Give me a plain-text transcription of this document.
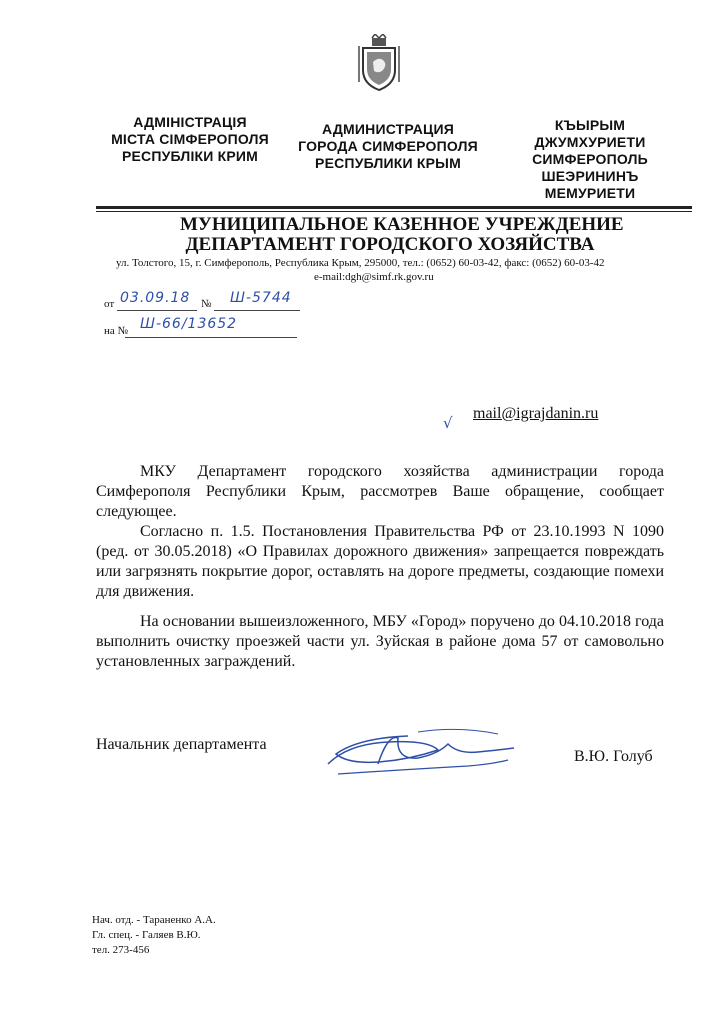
АДМІНІСТРАЦІЯ
МІСТА СІМФЕРОПОЛЯ
РЕСПУБЛІКИ КРИМ
АДМИНИСТРАЦИЯ
ГОРОДА СИМФЕРОПОЛЯ
РЕСПУБЛИКИ КРЫМ
КЪЫРЫМ
ДЖУМХУРИЕТИ
СИМФЕРОПОЛЬ
ШЕЭРИНИНЪ
МЕМУРИЕТИ
МУНИЦИПАЛЬНОЕ КАЗЕННОЕ УЧРЕЖДЕНИЕ
ДЕПАРТАМЕНТ ГОРОДСКОГО ХОЗЯЙСТВА
ул. Толстого, 15, г. Симферополь, Республика Крым, 295000, тел.: (0652) 60-03-42, факс: (0652) 60-03-42
e-mail:dgh@simf.rk.gov.ru
от 03.09.18 № Ш-5744
на № Ш-66/13652
√
mail@igrajdanin.ru
МКУ Департамент городского хозяйства администрации города Симферополя Республики Крым, рассмотрев Ваше обращение, сообщает следующее.
Согласно п. 1.5. Постановления Правительства РФ от 23.10.1993 N 1090 (ред. от 30.05.2018) «О Правилах дорожного движения» запрещается повреждать или загрязнять покрытие дорог, оставлять на дороге предметы, создающие помехи для движения.
На основании вышеизложенного, МБУ «Город» поручено до 04.10.2018 года выполнить очистку проезжей части ул. Зуйская в районе дома 57 от самовольно установленных заграждений.
Начальник департамента
В.Ю. Голуб
Нач. отд. - Тараненко А.А.
Гл. спец. - Галяев В.Ю.
тел. 273-456
